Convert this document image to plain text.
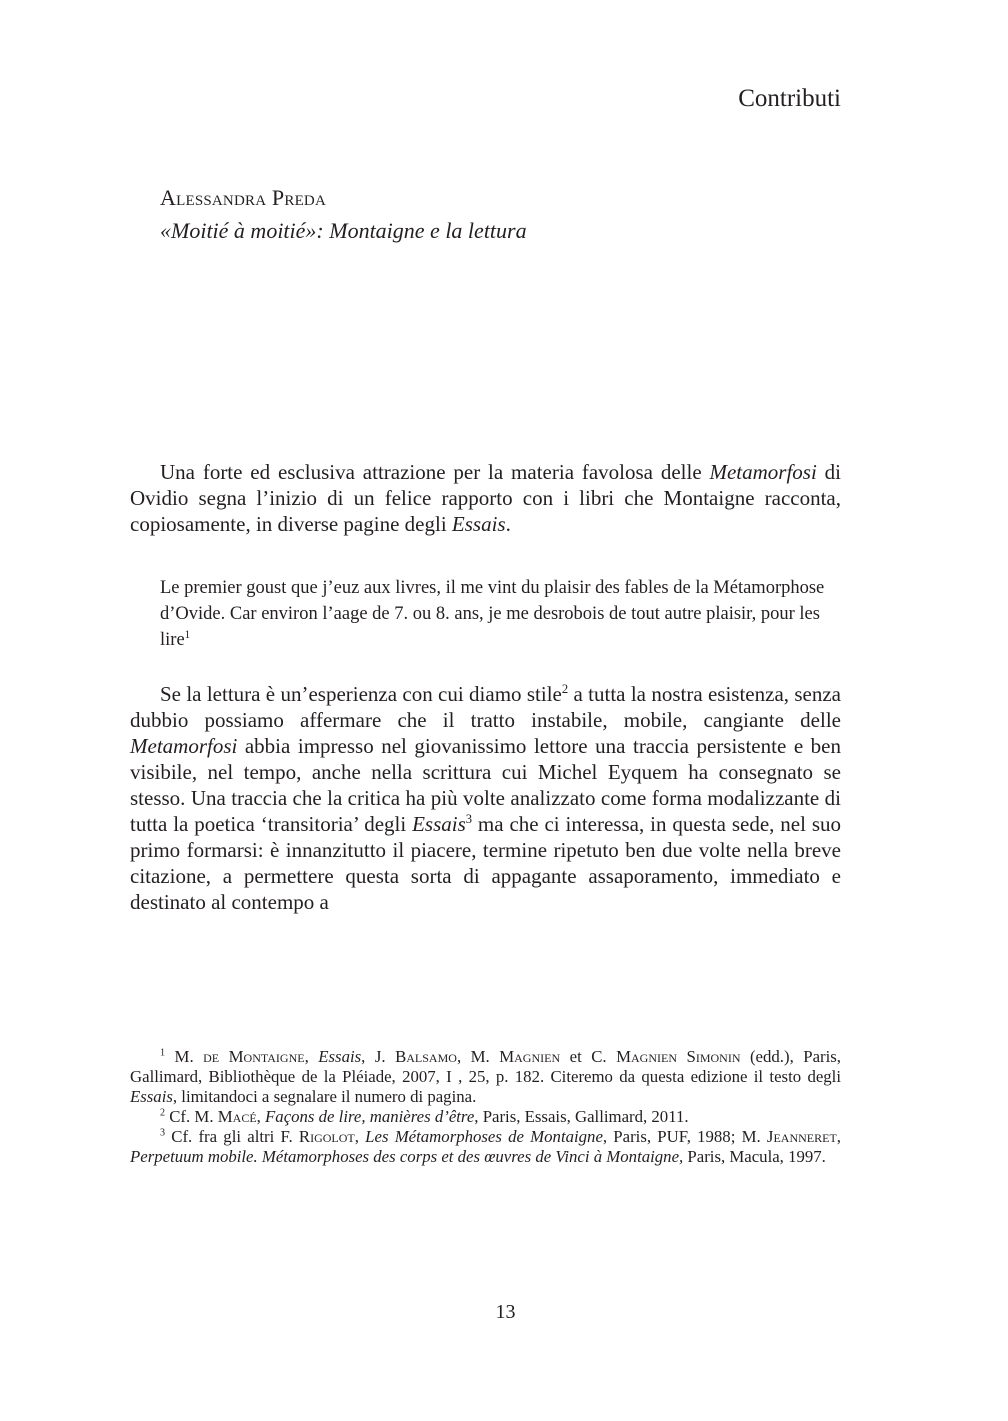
Contributi
Alessandra Preda
«Moitié à moitié»: Montaigne e la lettura

Una forte ed esclusiva attrazione per la materia favolosa delle Metamorfosi di Ovidio segna l’inizio di un felice rapporto con i libri che Montaigne racconta, copiosamente, in diverse pagine degli Essais.

Le premier goust que j’euz aux livres, il me vint du plaisir des fables de la Métamorphose d’Ovide. Car environ l’aage de 7. ou 8. ans, je me desrobois de tout autre plaisir, pour les lire$^1$

Se la lettura è un’esperienza con cui diamo stile$^2$ a tutta la nostra esistenza, senza dubbio possiamo affermare che il tratto instabile, mobile, cangiante delle Metamorfosi abbia impresso nel giovanissimo lettore una traccia persistente e ben visibile, nel tempo, anche nella scrittura cui Michel Eyquem ha consegnato se stesso. Una traccia che la critica ha più volte analizzato come forma modalizzante di tutta la poetica ‘transitoria’ degli Essais$^3$ ma che ci interessa, in questa sede, nel suo primo formarsi: è innanzitutto il piacere, termine ripetuto ben due volte nella breve citazione, a permettere questa sorta di appagante assaporamento, immediato e destinato al contempo a

$^1$ M. de Montaigne, Essais, J. Balsamo, M. Magnien et C. Magnien Simonin (edd.), Paris, Gallimard, Bibliothèque de la Pléiade, 2007, I , 25, p. 182. Citeremo da questa edizione il testo degli Essais, limitandoci a segnalare il numero di pagina.

$^2$ Cf. M. Macé, Façons de lire, manières d’être, Paris, Essais, Gallimard, 2011.

$^3$ Cf. fra gli altri F. Rigolot, Les Métamorphoses de Montaigne, Paris, PUF, 1988; M. Jeanneret, Perpetuum mobile. Métamorphoses des corps et des œuvres de Vinci à Montaigne, Paris, Macula, 1997.

13
